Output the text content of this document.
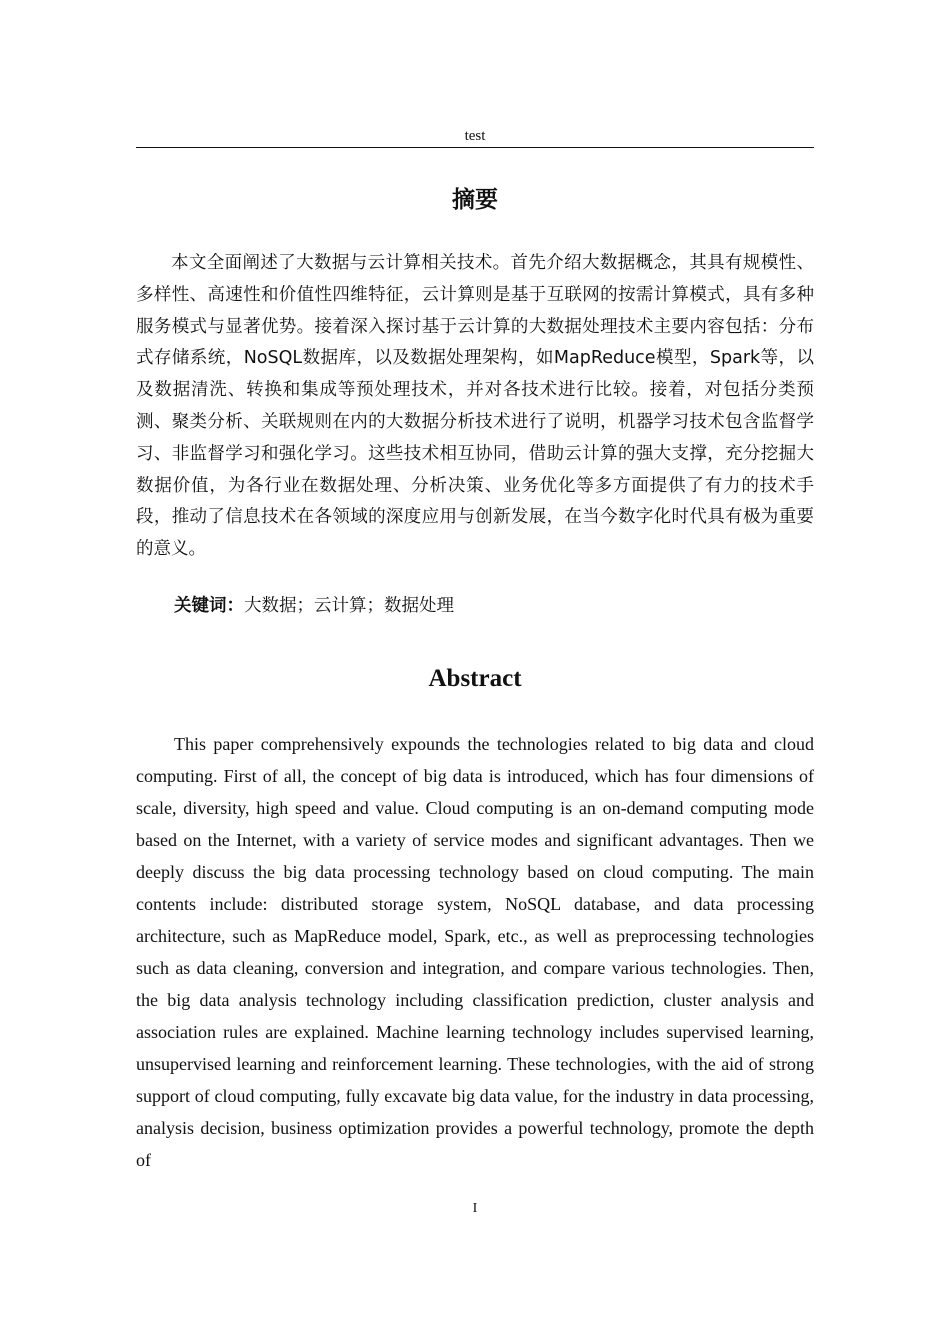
test
摘要

本文全面阐述了大数据与云计算相关技术。首先介绍大数据概念，其具有规模性、多样性、高速性和价值性四维特征，云计算则是基于互联网的按需计算模式，具有多种服务模式与显著优势。接着深入探讨基于云计算的大数据处理技术主要内容包括：分布式存储系统，NoSQL数据库，以及数据处理架构，如MapReduce模型，Spark等，以及数据清洗、转换和集成等预处理技术，并对各技术进行比较。接着，对包括分类预测、聚类分析、关联规则在内的大数据分析技术进行了说明，机器学习技术包含监督学习、非监督学习和强化学习。这些技术相互协同，借助云计算的强大支撑，充分挖掘大数据价值，为各行业在数据处理、分析决策、业务优化等多方面提供了有力的技术手段，推动了信息技术在各领域的深度应用与创新发展，在当今数字化时代具有极为重要的意义。

关键词：大数据；云计算；数据处理
Abstract

This paper comprehensively expounds the technologies related to big data and cloud computing. First of all, the concept of big data is introduced, which has four dimensions of scale, diversity, high speed and value. Cloud computing is an on-demand computing mode based on the Internet, with a variety of service modes and significant advantages. Then we deeply discuss the big data processing technology based on cloud computing. The main contents include: distributed storage system, NoSQL database, and data processing architecture, such as MapReduce model, Spark, etc., as well as preprocessing technologies such as data cleaning, conversion and integration, and compare various technologies. Then, the big data analysis technology including classification prediction, cluster analysis and association rules are explained. Machine learning technology includes supervised learning, unsupervised learning and reinforcement learning. These technologies, with the aid of strong support of cloud computing, fully excavate big data value, for the industry in data processing, analysis decision, business optimization provides a powerful technology, promote the depth of

I
